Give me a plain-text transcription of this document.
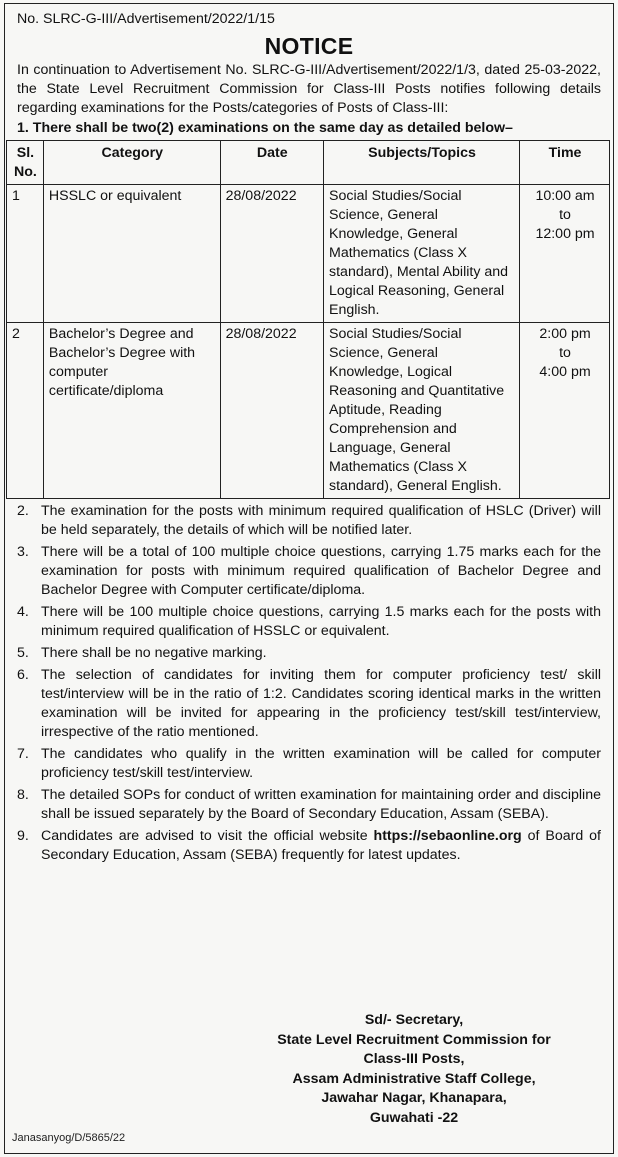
No. SLRC-G-III/Advertisement/2022/1/15
NOTICE
In continuation to Advertisement No. SLRC-G-III/Advertisement/2022/1/3, dated 25-03-2022, the State Level Recruitment Commission for Class-III Posts notifies following details regarding examinations for the Posts/categories of Posts of Class-III:
1. There shall be two(2) examinations on the same day as detailed below–
Sl. No.	Category	Date	Subjects/Topics	Time
1	HSSLC or equivalent	28/08/2022	Social Studies/Social Science, General Knowledge, General Mathematics (Class X standard), Mental Ability and Logical Reasoning, General English.	10:00 am
to
12:00 pm

2	Bachelor’s Degree and Bachelor’s Degree with computer certificate/diploma	28/08/2022	Social Studies/Social Science, General Knowledge, Logical Reasoning and Quantitative Aptitude, Reading Comprehension and Language, General Mathematics (Class X standard), General English.	2:00 pm
to
4:00 pm
2. The examination for the posts with minimum required qualification of HSLC (Driver) will be held separately, the details of which will be notified later.
3. There will be a total of 100 multiple choice questions, carrying 1.75 marks each for the examination for posts with minimum required qualification of Bachelor Degree and Bachelor Degree with Computer certificate/diploma.
4. There will be 100 multiple choice questions, carrying 1.5 marks each for the posts with minimum required qualification of HSSLC or equivalent.
5. There shall be no negative marking.
6. The selection of candidates for inviting them for computer proficiency test/ skill test/interview will be in the ratio of 1:2. Candidates scoring identical marks in the written examination will be invited for appearing in the proficiency test/skill test/interview, irrespective of the ratio mentioned.
7. The candidates who qualify in the written examination will be called for computer proficiency test/skill test/interview.
8. The detailed SOPs for conduct of written examination for maintaining order and discipline shall be issued separately by the Board of Secondary Education, Assam (SEBA).
9. Candidates are advised to visit the official website https://sebaonline.org of Board of Secondary Education, Assam (SEBA) frequently for latest updates.
Sd/- Secretary,
State Level Recruitment Commission for
Class-III Posts,
Assam Administrative Staff College,
Jawahar Nagar, Khanapara,
Guwahati -22
Janasanyog/D/5865/22
